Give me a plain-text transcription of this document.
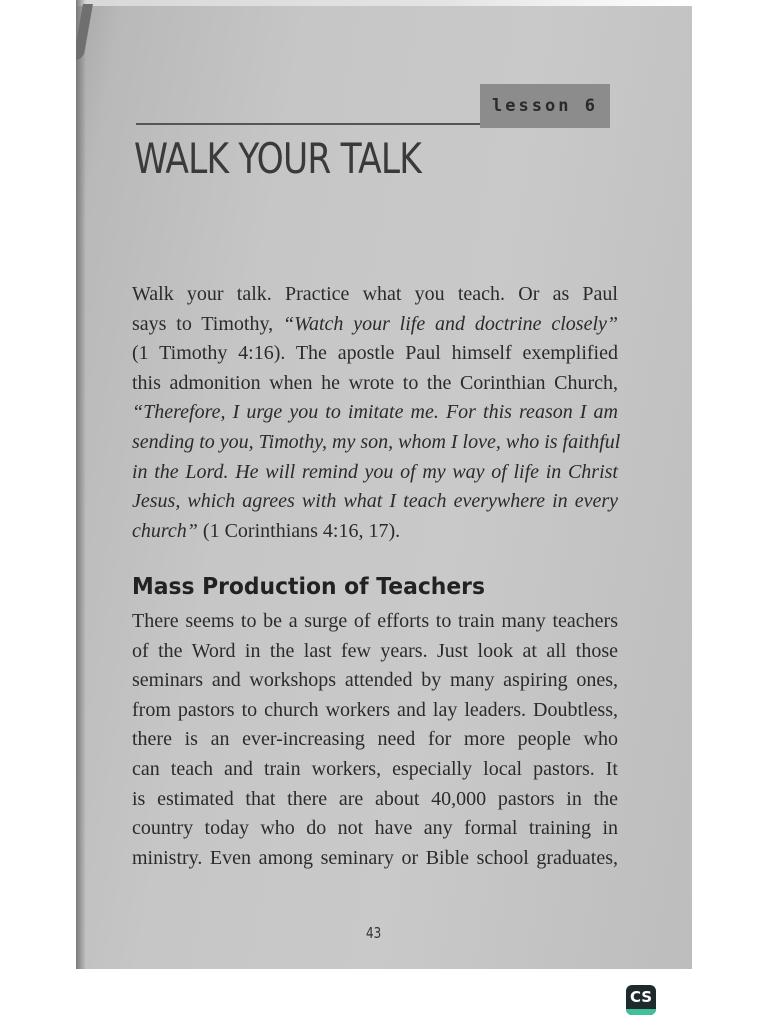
lesson 6
WALK YOUR TALK

Walk your talk. Practice what you teach. Or as Paul
says to Timothy, “Watch your life and doctrine closely”
(1 Timothy 4:16). The apostle Paul himself exemplified
this admonition when he wrote to the Corinthian Church,
“Therefore, I urge you to imitate me. For this reason I am
sending to you, Timothy, my son, whom I love, who is faithful
in the Lord. He will remind you of my way of life in Christ
Jesus, which agrees with what I teach everywhere in every
church” (1 Corinthians 4:16, 17).

Mass Production of Teachers

There seems to be a surge of efforts to train many teachers
of the Word in the last few years. Just look at all those
seminars and workshops attended by many aspiring ones,
from pastors to church workers and lay leaders. Doubtless,
there is an ever-increasing need for more people who
can teach and train workers, especially local pastors. It
is estimated that there are about 40,000 pastors in the
country today who do not have any formal training in
ministry. Even among seminary or Bible school graduates,

43
CS
